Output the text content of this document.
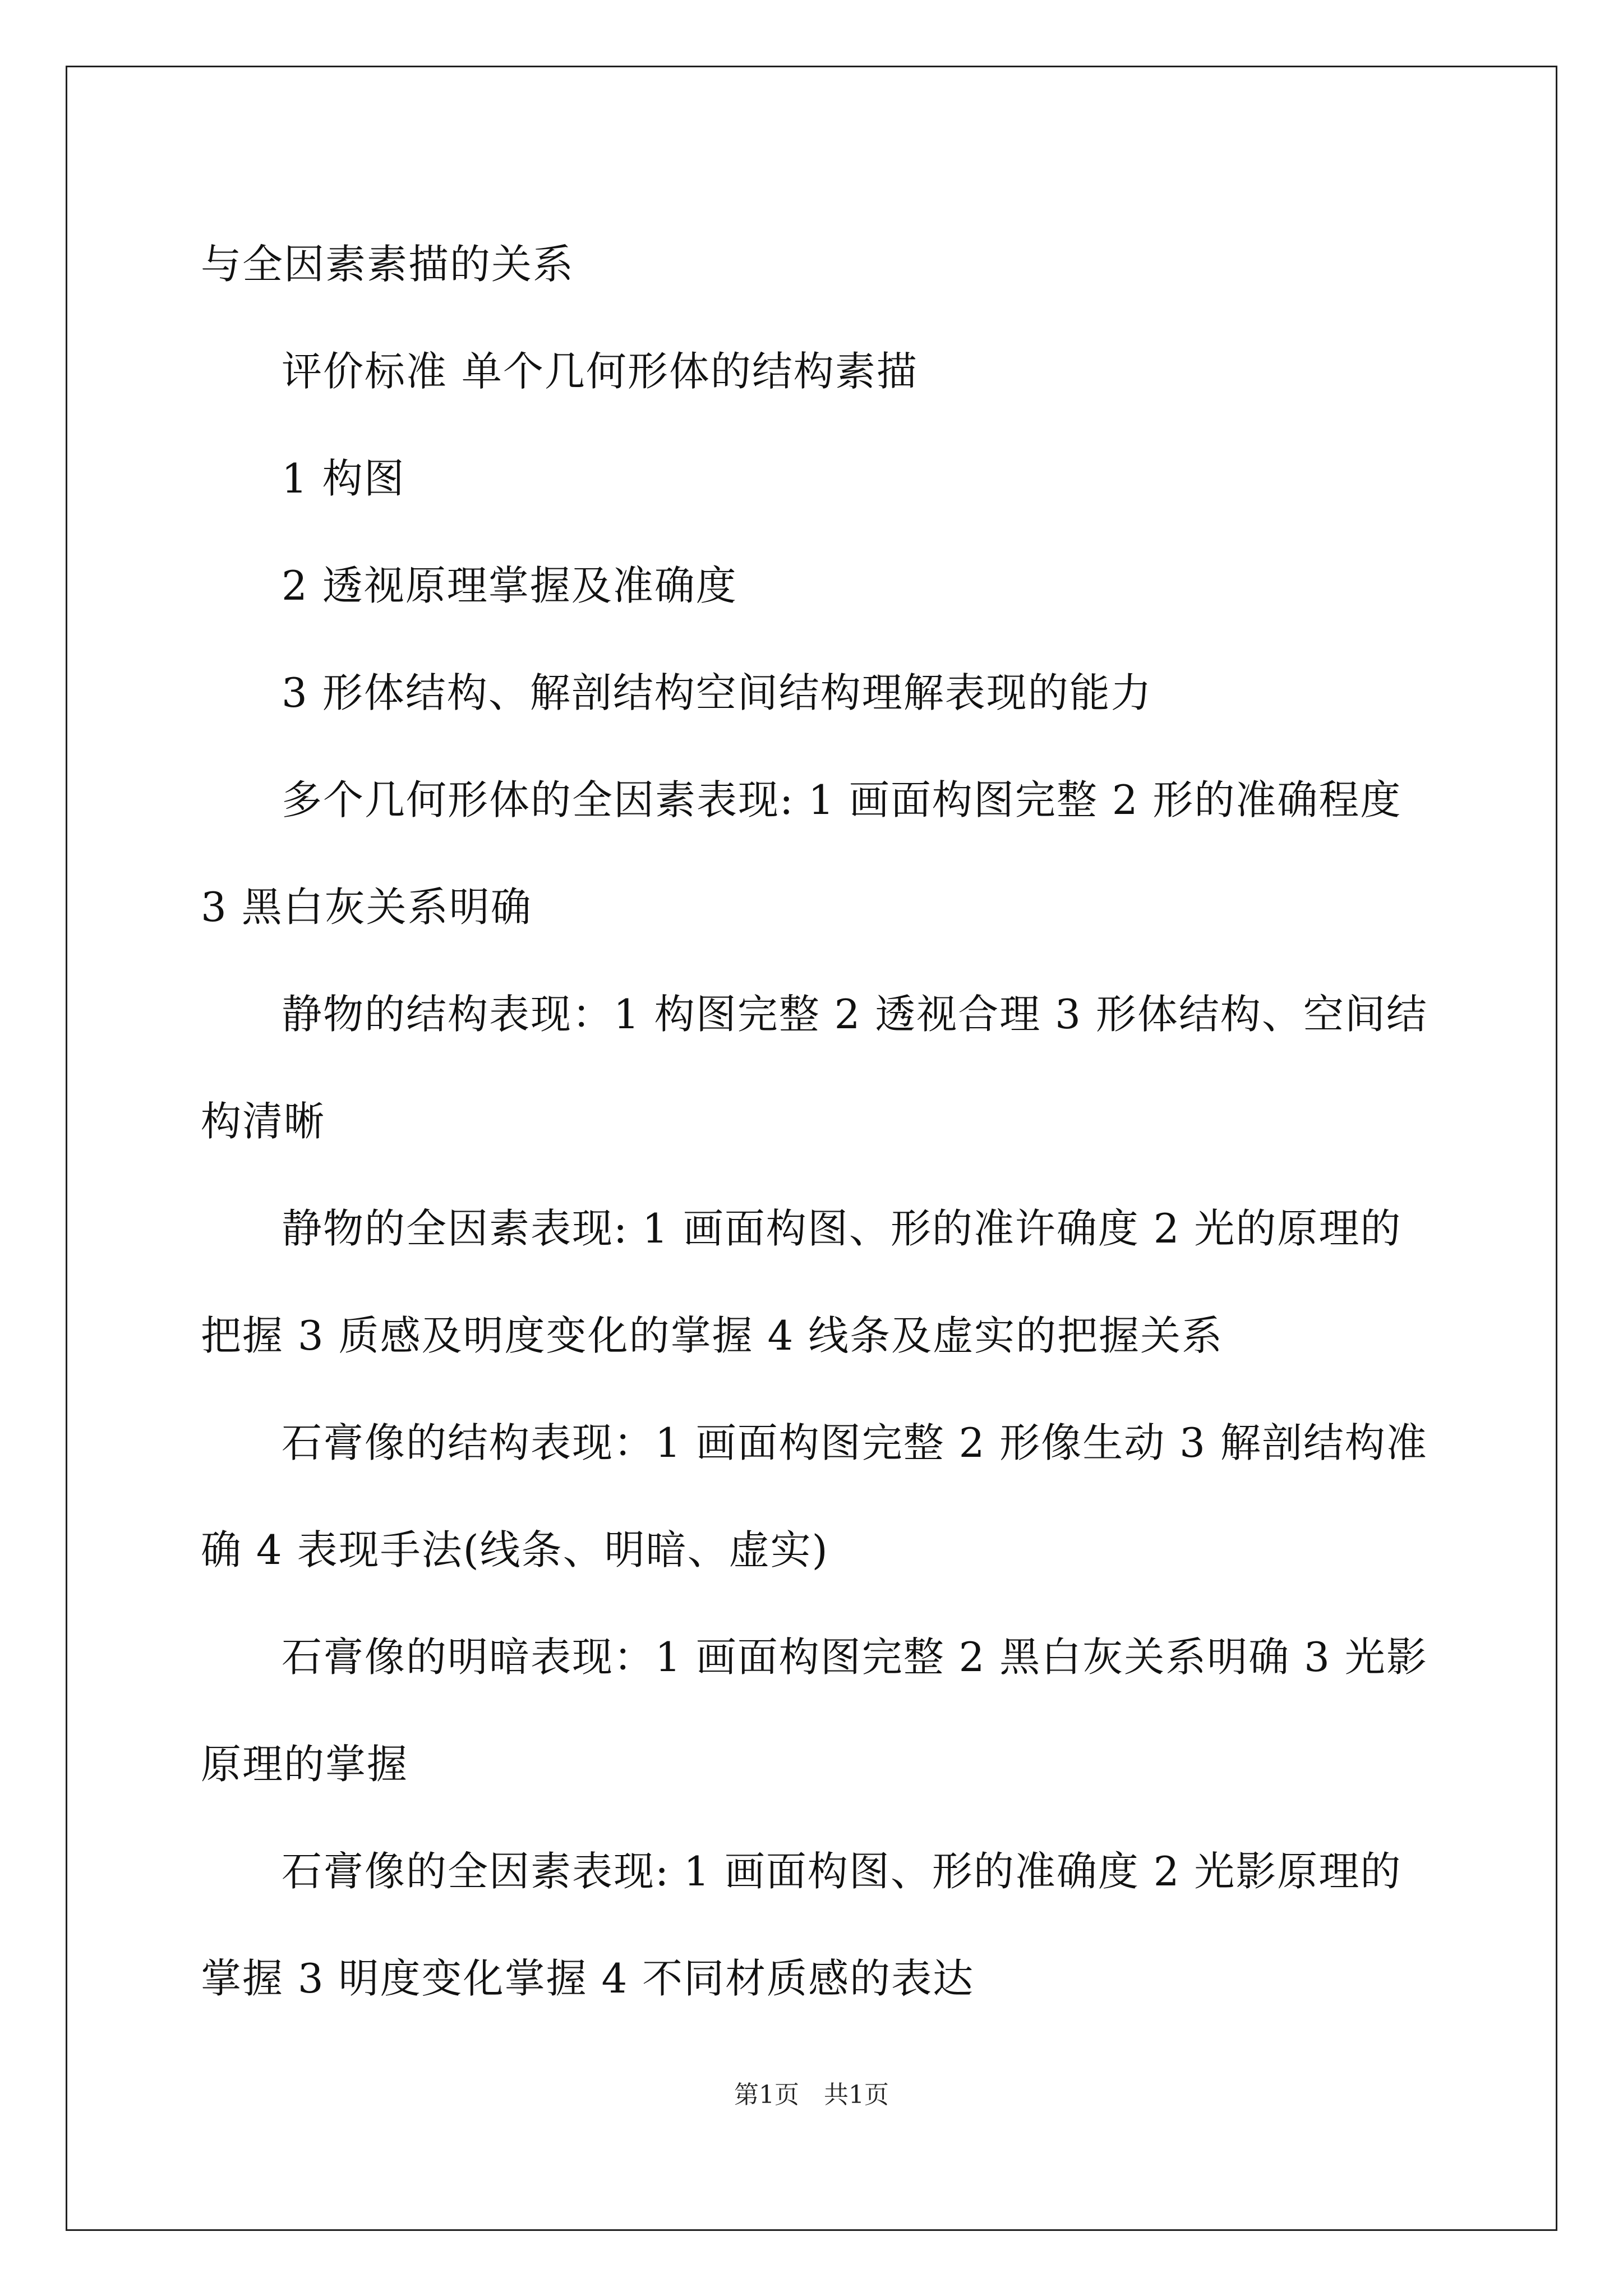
与全因素素描的关系

评价标准 单个几何形体的结构素描

1 构图

2 透视原理掌握及准确度

3 形体结构、解剖结构空间结构理解表现的能力

多个几何形体的全因素表现: 1 画面构图完整 2 形的准确程度 3 黑白灰关系明确

静物的结构表现：1 构图完整 2 透视合理 3 形体结构、空间结构清晰

静物的全因素表现: 1 画面构图、形的准许确度 2 光的原理的把握 3 质感及明度变化的掌握 4 线条及虚实的把握关系

石膏像的结构表现：1 画面构图完整 2 形像生动 3 解剖结构准确 4 表现手法(线条、明暗、虚实)

石膏像的明暗表现：1 画面构图完整 2 黑白灰关系明确 3 光影原理的掌握

石膏像的全因素表现: 1 画面构图、形的准确度 2 光影原理的掌握 3 明度变化掌握 4 不同材质感的表达

第1页 共1页
